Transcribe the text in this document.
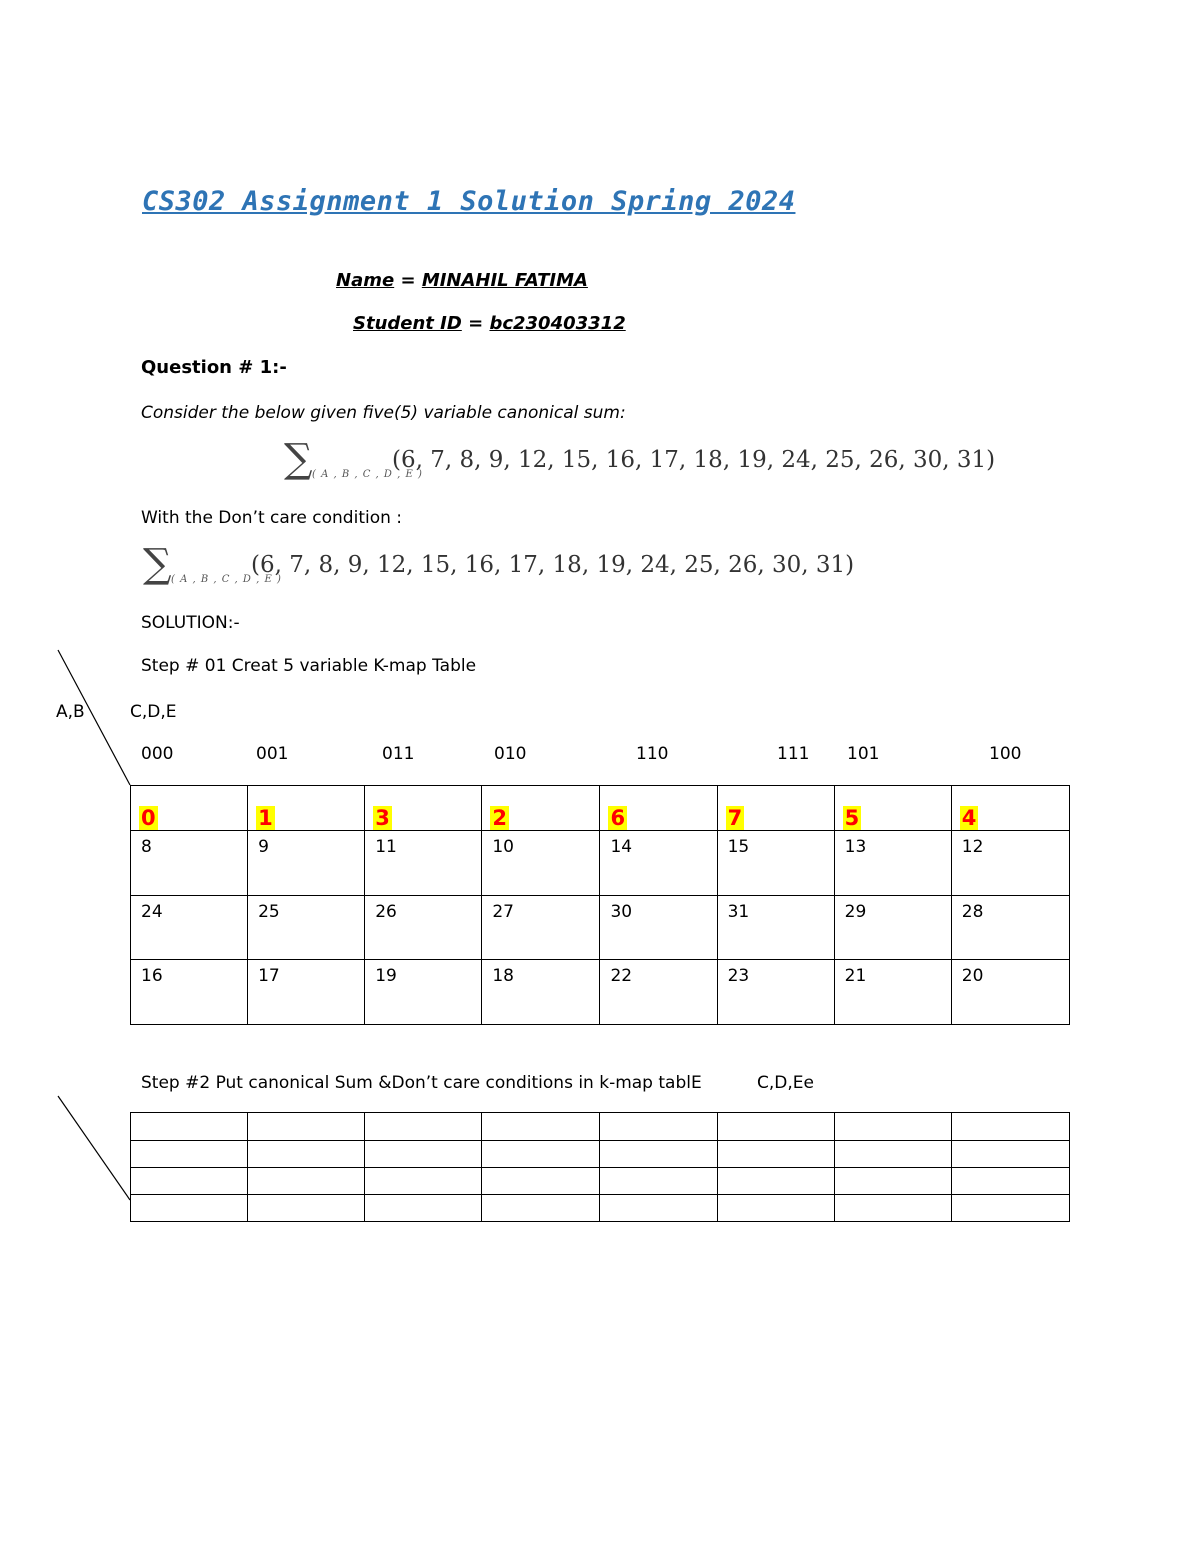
CS302 Assignment 1 Solution Spring 2024
Name = MINAHIL FATIMA
Student ID = bc230403312
Question # 1:-
Consider the below given five(5) variable canonical sum:
∑ ( A , B , C , D , E )
(6, 7, 8, 9, 12, 15, 16, 17, 18, 19, 24, 25, 26, 30, 31)
With the Don’t care condition :
∑ ( A , B , C , D , E )
(6, 7, 8, 9, 12, 15, 16, 17, 18, 19, 24, 25, 26, 30, 31)
SOLUTION:-
Step # 01 Creat 5 variable K-map Table
A,B	C,D,E
000	001	011	010	110	111 101	100
0	1	3	2	6	7	5	4
8	9	11	10	14	15	13	12
24	25	26	27	30	31	29	28
16	17	19	18	22	23	21	20
Step #2 Put canonical Sum &Don’t care conditions in k-map tablE	C,D,Ee
